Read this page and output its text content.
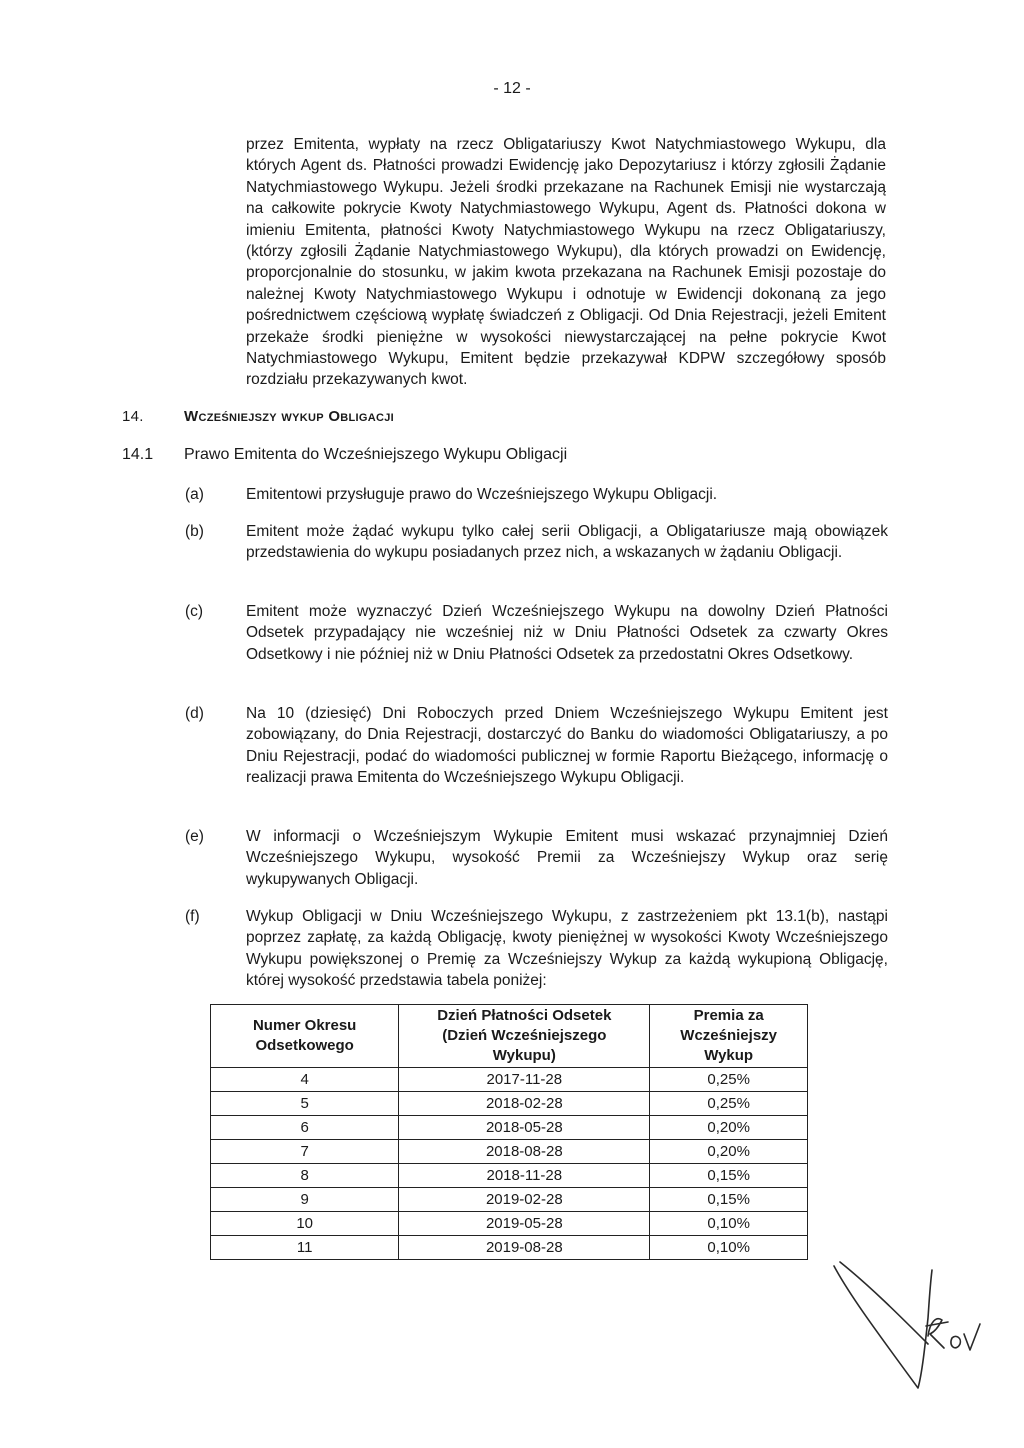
- 12 -

przez Emitenta, wypłaty na rzecz Obligatariuszy Kwot Natychmiastowego Wykupu, dla których Agent ds. Płatności prowadzi Ewidencję jako Depozytariusz i którzy zgłosili Żądanie Natychmiastowego Wykupu. Jeżeli środki przekazane na Rachunek Emisji nie wystarczają na całkowite pokrycie Kwoty Natychmiastowego Wykupu, Agent ds. Płatności dokona w imieniu Emitenta, płatności Kwoty Natychmiastowego Wykupu na rzecz Obligatariuszy, (którzy zgłosili Żądanie Natychmiastowego Wykupu), dla których prowadzi on Ewidencję, proporcjonalnie do stosunku, w jakim kwota przekazana na Rachunek Emisji pozostaje do należnej Kwoty Natychmiastowego Wykupu i odnotuje w Ewidencji dokonaną za jego pośrednictwem częściową wypłatę świadczeń z Obligacji. Od Dnia Rejestracji, jeżeli Emitent przekaże środki pieniężne w wysokości niewystarczającej na pełne pokrycie Kwot Natychmiastowego Wykupu, Emitent będzie przekazywał KDPW szczegółowy sposób rozdziału przekazywanych kwot.

14.	Wcześniejszy wykup Obligacji
14.1 Prawo Emitenta do Wcześniejszego Wykupu Obligacji
(a)	Emitentowi przysługuje prawo do Wcześniejszego Wykupu Obligacji.
(b)	Emitent może żądać wykupu tylko całej serii Obligacji, a Obligatariusze mają obowiązek przedstawienia do wykupu posiadanych przez nich, a wskazanych w żądaniu Obligacji.
(c)	Emitent może wyznaczyć Dzień Wcześniejszego Wykupu na dowolny Dzień Płatności Odsetek przypadający nie wcześniej niż w Dniu Płatności Odsetek za czwarty Okres Odsetkowy i nie później niż w Dniu Płatności Odsetek za przedostatni Okres Odsetkowy.
(d)	Na 10 (dziesięć) Dni Roboczych przed Dniem Wcześniejszego Wykupu Emitent jest zobowiązany, do Dnia Rejestracji, dostarczyć do Banku do wiadomości Obligatariuszy, a po Dniu Rejestracji, podać do wiadomości publicznej w formie Raportu Bieżącego, informację o realizacji prawa Emitenta do Wcześniejszego Wykupu Obligacji.
(e)	W informacji o Wcześniejszym Wykupie Emitent musi wskazać przynajmniej Dzień Wcześniejszego Wykupu, wysokość Premii za Wcześniejszy Wykup oraz serię wykupywanych Obligacji.
(f)	Wykup Obligacji w Dniu Wcześniejszego Wykupu, z zastrzeżeniem pkt 13.1(b), nastąpi poprzez zapłatę, za każdą Obligację, kwoty pieniężnej w wysokości Kwoty Wcześniejszego Wykupu powiększonej o Premię za Wcześniejszy Wykup za każdą wykupioną Obligację, której wysokość przedstawia tabela poniżej:
Numer Okresu Odsetkowego	Dzień Płatności Odsetek (Dzień Wcześniejszego Wykupu)	Premia za Wcześniejszy Wykup
4	2017-11-28	0,25%
5	2018-02-28	0,25%
6	2018-05-28	0,20%
7	2018-08-28	0,20%
8	2018-11-28	0,15%
9	2019-02-28	0,15%
10	2019-05-28	0,10%
11	2019-08-28	0,10%
